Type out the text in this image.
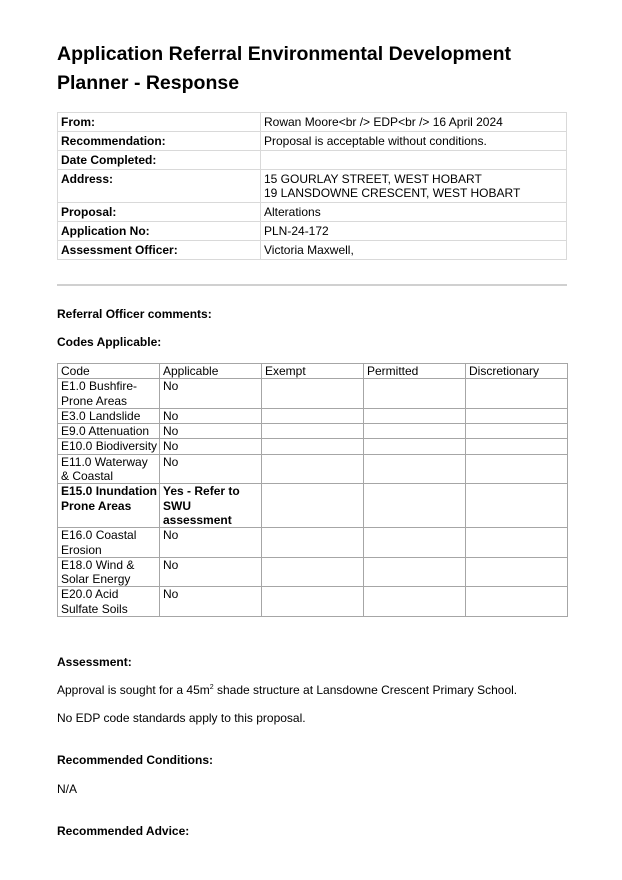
Application Referral Environmental Development Planner - Response
From:	Rowan Moore<br /> EDP<br /> 16 April 2024
Recommendation:	Proposal is acceptable without conditions.
Date Completed:	
Address:	15 GOURLAY STREET, WEST HOBART
19 LANSDOWNE CRESCENT, WEST HOBART
Proposal:	Alterations
Application No:	PLN-24-172
Assessment Officer:	Victoria Maxwell,

Referral Officer comments:

Codes Applicable:

Code	Applicable	Exempt	Permitted	Discretionary
E1.0 Bushfire-Prone Areas	No			
E3.0 Landslide	No			
E9.0 Attenuation	No			
E10.0 Biodiversity	No			
E11.0 Waterway & Coastal	No			
E15.0 Inundation Prone Areas	Yes - Refer to SWU assessment			
E16.0 Coastal Erosion	No			
E18.0 Wind & Solar Energy	No			
E20.0 Acid Sulfate Soils	No			

Assessment:

Approval is sought for a $45m^2$ shade structure at Lansdowne Crescent Primary School.

No EDP code standards apply to this proposal.

Recommended Conditions:

N/A

Recommended Advice:
